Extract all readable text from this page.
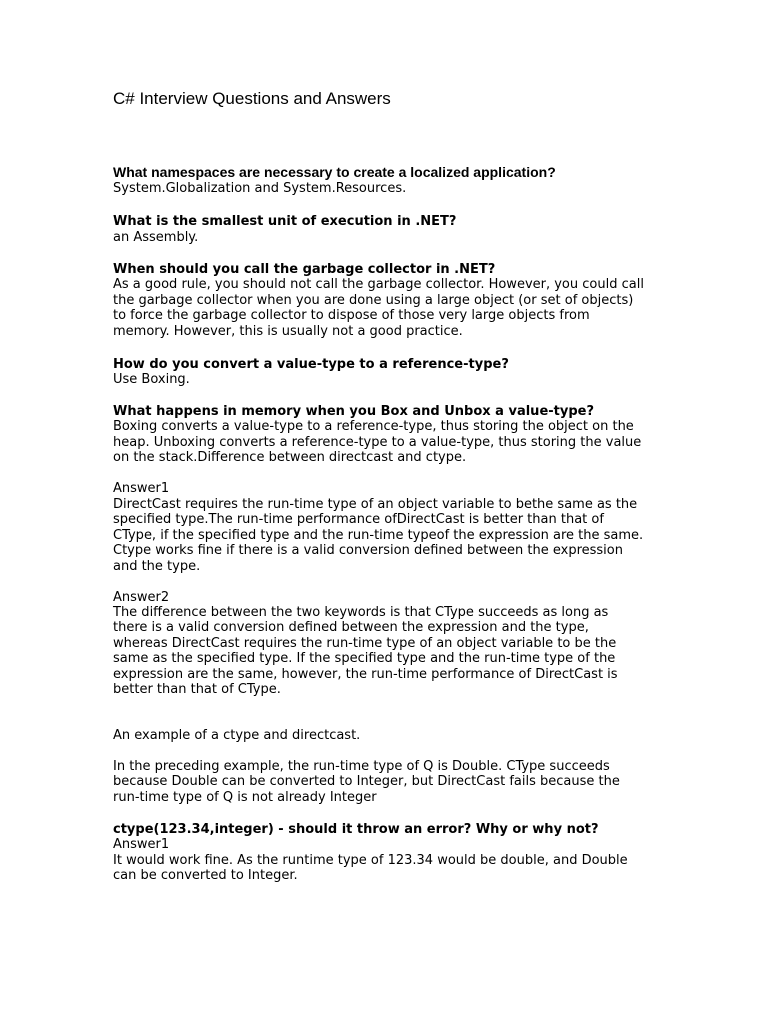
C# Interview Questions and Answers
What namespaces are necessary to create a localized application?
System.Globalization and System.Resources.
What is the smallest unit of execution in .NET?
an Assembly.
When should you call the garbage collector in .NET?
As a good rule, you should not call the garbage collector. However, you could call
the garbage collector when you are done using a large object (or set of objects)
to force the garbage collector to dispose of those very large objects from
memory. However, this is usually not a good practice.
How do you convert a value-type to a reference-type?
Use Boxing.
What happens in memory when you Box and Unbox a value-type?
Boxing converts a value-type to a reference-type, thus storing the object on the
heap. Unboxing converts a reference-type to a value-type, thus storing the value
on the stack.Difference between directcast and ctype.
Answer1
DirectCast requires the run-time type of an object variable to bethe same as the
specified type.The run-time performance ofDirectCast is better than that of
CType, if the specified type and the run-time typeof the expression are the same.
Ctype works fine if there is a valid conversion defined between the expression
and the type.
Answer2
The difference between the two keywords is that CType succeeds as long as
there is a valid conversion defined between the expression and the type,
whereas DirectCast requires the run-time type of an object variable to be the
same as the specified type. If the specified type and the run-time type of the
expression are the same, however, the run-time performance of DirectCast is
better than that of CType.
An example of a ctype and directcast.
In the preceding example, the run-time type of Q is Double. CType succeeds
because Double can be converted to Integer, but DirectCast fails because the
run-time type of Q is not already Integer
ctype(123.34,integer) - should it throw an error? Why or why not?
Answer1
It would work fine. As the runtime type of 123.34 would be double, and Double
can be converted to Integer.
